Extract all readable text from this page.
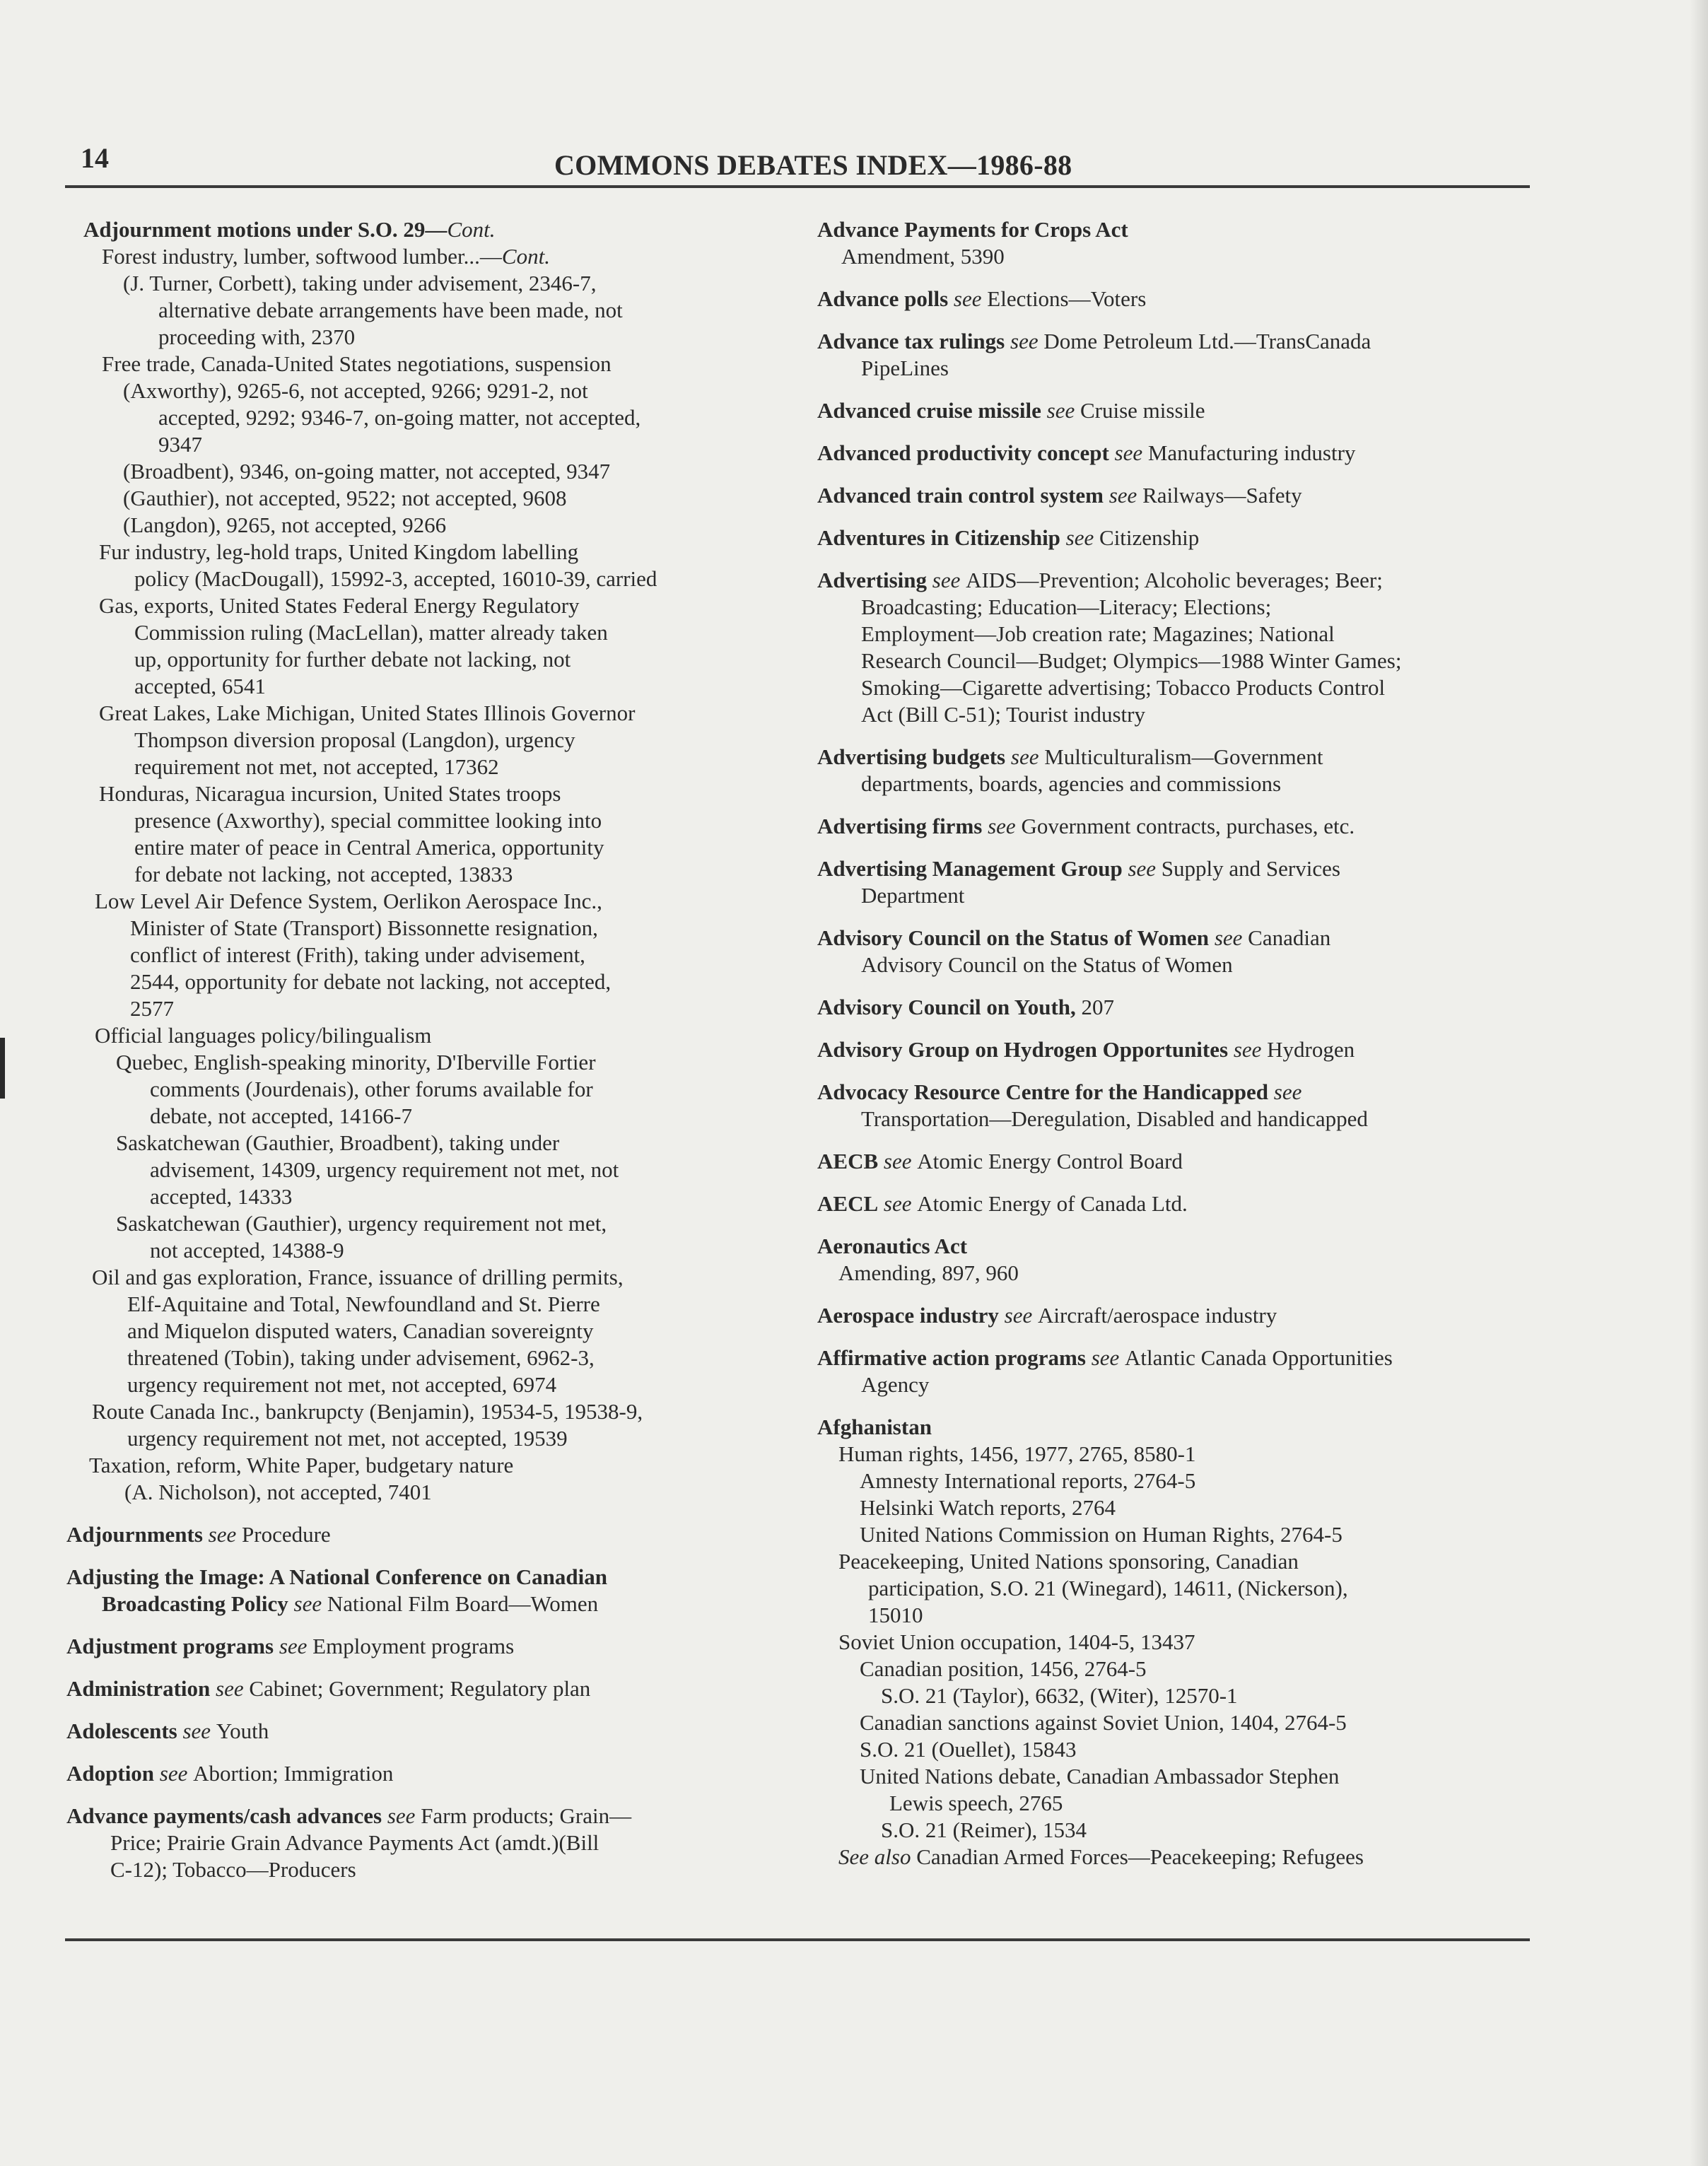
14	COMMONS DEBATES INDEX—1986-88
Adjournment motions under S.O. 29—Cont.
Forest industry, lumber, softwood lumber...—Cont.
(J. Turner, Corbett), taking under advisement, 2346-7,
alternative debate arrangements have been made, not
proceeding with, 2370
Free trade, Canada-United States negotiations, suspension
(Axworthy), 9265-6, not accepted, 9266; 9291-2, not
accepted, 9292; 9346-7, on-going matter, not accepted,
9347
(Broadbent), 9346, on-going matter, not accepted, 9347
(Gauthier), not accepted, 9522; not accepted, 9608
(Langdon), 9265, not accepted, 9266
Fur industry, leg-hold traps, United Kingdom labelling
policy (MacDougall), 15992-3, accepted, 16010-39, carried
Gas, exports, United States Federal Energy Regulatory
Commission ruling (MacLellan), matter already taken
up, opportunity for further debate not lacking, not
accepted, 6541
Great Lakes, Lake Michigan, United States Illinois Governor
Thompson diversion proposal (Langdon), urgency
requirement not met, not accepted, 17362
Honduras, Nicaragua incursion, United States troops
presence (Axworthy), special committee looking into
entire mater of peace in Central America, opportunity
for debate not lacking, not accepted, 13833
Low Level Air Defence System, Oerlikon Aerospace Inc.,
Minister of State (Transport) Bissonnette resignation,
conflict of interest (Frith), taking under advisement,
2544, opportunity for debate not lacking, not accepted,
2577
Official languages policy/bilingualism
Quebec, English-speaking minority, D'Iberville Fortier
comments (Jourdenais), other forums available for
debate, not accepted, 14166-7
Saskatchewan (Gauthier, Broadbent), taking under
advisement, 14309, urgency requirement not met, not
accepted, 14333
Saskatchewan (Gauthier), urgency requirement not met,
not accepted, 14388-9
Oil and gas exploration, France, issuance of drilling permits,
Elf-Aquitaine and Total, Newfoundland and St. Pierre
and Miquelon disputed waters, Canadian sovereignty
threatened (Tobin), taking under advisement, 6962-3,
urgency requirement not met, not accepted, 6974
Route Canada Inc., bankrupcty (Benjamin), 19534-5, 19538-9,
urgency requirement not met, not accepted, 19539
Taxation, reform, White Paper, budgetary nature
(A. Nicholson), not accepted, 7401
Adjournments see Procedure
Adjusting the Image: A National Conference on Canadian
Broadcasting Policy see National Film Board—Women
Adjustment programs see Employment programs
Administration see Cabinet; Government; Regulatory plan
Adolescents see Youth
Adoption see Abortion; Immigration
Advance payments/cash advances see Farm products; Grain—
Price; Prairie Grain Advance Payments Act (amdt.)(Bill
C-12); Tobacco—Producers
Advance Payments for Crops Act
Amendment, 5390
Advance polls see Elections—Voters
Advance tax rulings see Dome Petroleum Ltd.—TransCanada
PipeLines
Advanced cruise missile see Cruise missile
Advanced productivity concept see Manufacturing industry
Advanced train control system see Railways—Safety
Adventures in Citizenship see Citizenship
Advertising see AIDS—Prevention; Alcoholic beverages; Beer;
Broadcasting; Education—Literacy; Elections;
Employment—Job creation rate; Magazines; National
Research Council—Budget; Olympics—1988 Winter Games;
Smoking—Cigarette advertising; Tobacco Products Control
Act (Bill C-51); Tourist industry
Advertising budgets see Multiculturalism—Government
departments, boards, agencies and commissions
Advertising firms see Government contracts, purchases, etc.
Advertising Management Group see Supply and Services
Department
Advisory Council on the Status of Women see Canadian
Advisory Council on the Status of Women
Advisory Council on Youth, 207
Advisory Group on Hydrogen Opportunites see Hydrogen
Advocacy Resource Centre for the Handicapped see
Transportation—Deregulation, Disabled and handicapped
AECB see Atomic Energy Control Board
AECL see Atomic Energy of Canada Ltd.
Aeronautics Act
Amending, 897, 960
Aerospace industry see Aircraft/aerospace industry
Affirmative action programs see Atlantic Canada Opportunities
Agency
Afghanistan
Human rights, 1456, 1977, 2765, 8580-1
Amnesty International reports, 2764-5
Helsinki Watch reports, 2764
United Nations Commission on Human Rights, 2764-5
Peacekeeping, United Nations sponsoring, Canadian
participation, S.O. 21 (Winegard), 14611, (Nickerson),
15010
Soviet Union occupation, 1404-5, 13437
Canadian position, 1456, 2764-5
S.O. 21 (Taylor), 6632, (Witer), 12570-1
Canadian sanctions against Soviet Union, 1404, 2764-5
S.O. 21 (Ouellet), 15843
United Nations debate, Canadian Ambassador Stephen
Lewis speech, 2765
S.O. 21 (Reimer), 1534
See also Canadian Armed Forces—Peacekeeping; Refugees
